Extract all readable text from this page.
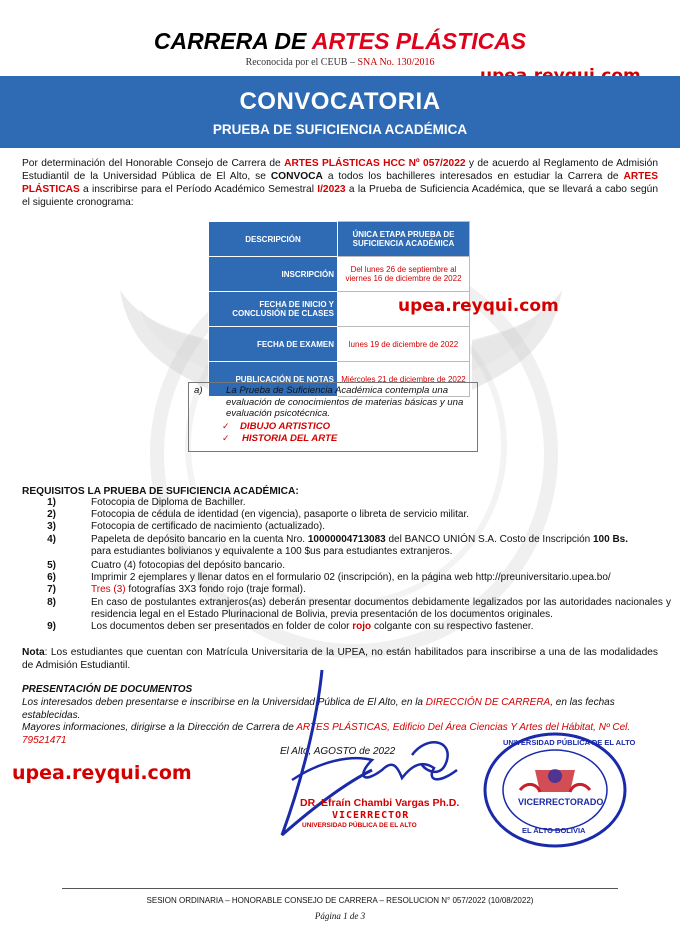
CARRERA DE ARTES PLÁSTICAS
Reconocida por el CEUB – SNA No. 130/2016
CONVOCATORIA
PRUEBA DE SUFICIENCIA ACADÉMICA
Por determinación del Honorable Consejo de Carrera de ARTES PLÁSTICAS HCC Nº 057/2022 y de acuerdo al Reglamento de Admisión Estudiantil de la Universidad Pública de El Alto, se CONVOCA a todos los bachilleres interesados en estudiar la Carrera de ARTES PLÁSTICAS a inscribirse para el Período Académico Semestral I/2023 a la Prueba de Suficiencia Académica, que se llevará a cabo según el siguiente cronograma:
DESCRIPCIÓN	ÚNICA ETAPA PRUEBA DE SUFICIENCIA ACADÉMICA
INSCRIPCIÓN	Del lunes 26 de septiembre al viernes 16 de diciembre de 2022
FECHA DE INICIO Y CONCLUSIÓN DE CLASES	
FECHA DE EXAMEN	lunes 19 de diciembre de 2022
PUBLICACIÓN DE NOTAS	Miércoles 21 de diciembre de 2022
upea.reyqui.com
a) La Prueba de Suficiencia Académica contempla una evaluación de conocimientos de materias básicas y una evaluación psicotécnica.
✓ DIBUJO ARTISTICO
✓ HISTORIA DEL ARTE
REQUISITOS LA PRUEBA DE SUFICIENCIA ACADÉMICA:
1)	Fotocopia de Diploma de Bachiller.
2)	Fotocopia de cédula de identidad (en vigencia), pasaporte o libreta de servicio militar.
3)	Fotocopia de certificado de nacimiento (actualizado).
4)	Papeleta de depósito bancario en la cuenta Nro. 10000004713083 del BANCO UNIÓN S.A. Costo de Inscripción 100 Bs.
para estudiantes bolivianos y equivalente a 100 $us para estudiantes extranjeros.
5)	Cuatro (4) fotocopias del depósito bancario.
6)	Imprimir 2 ejemplares y llenar datos en el formulario 02 (inscripción), en la página web http://preuniversitario.upea.bo/
7)	Tres (3) fotografías 3X3 fondo rojo (traje formal).
8)	En caso de postulantes extranjeros(as) deberán presentar documentos debidamente legalizados por las autoridades nacionales y residencia legal en el Estado Plurinacional de Bolivia, previa presentación de los documentos originales.
9)	Los documentos deben ser presentados en folder de color rojo colgante con su respectivo fastener.
Nota: Los estudiantes que cuentan con Matrícula Universitaria de la UPEA, no están habilitados para inscribirse a una de las modalidades de Admisión Estudiantil.
PRESENTACIÓN DE DOCUMENTOS
Los interesados deben presentarse e inscribirse en la Universidad Pública de El Alto, en la DIRECCIÓN DE CARRERA, en las fechas establecidas.
Mayores informaciones, dirigirse a la Dirección de Carrera de ARTES PLÁSTICAS, Edificio Del Área Ciencias Y Artes del Hábitat, Nº Cel. 79521471
El Alto, AGOSTO de 2022
upea.reyqui.com
DR. Efraín Chambi Vargas Ph.D.
VICERRECTOR
UNIVERSIDAD PÚBLICA DE EL ALTO
UNIVERSIDAD PÚBLICA DE EL ALTO
VICERRECTORADO
EL ALTO BOLIVIA
SESION ORDINARIA – HONORABLE CONSEJO DE CARRERA – RESOLUCION N° 057/2022 (10/08/2022)
Página 1 de 3
